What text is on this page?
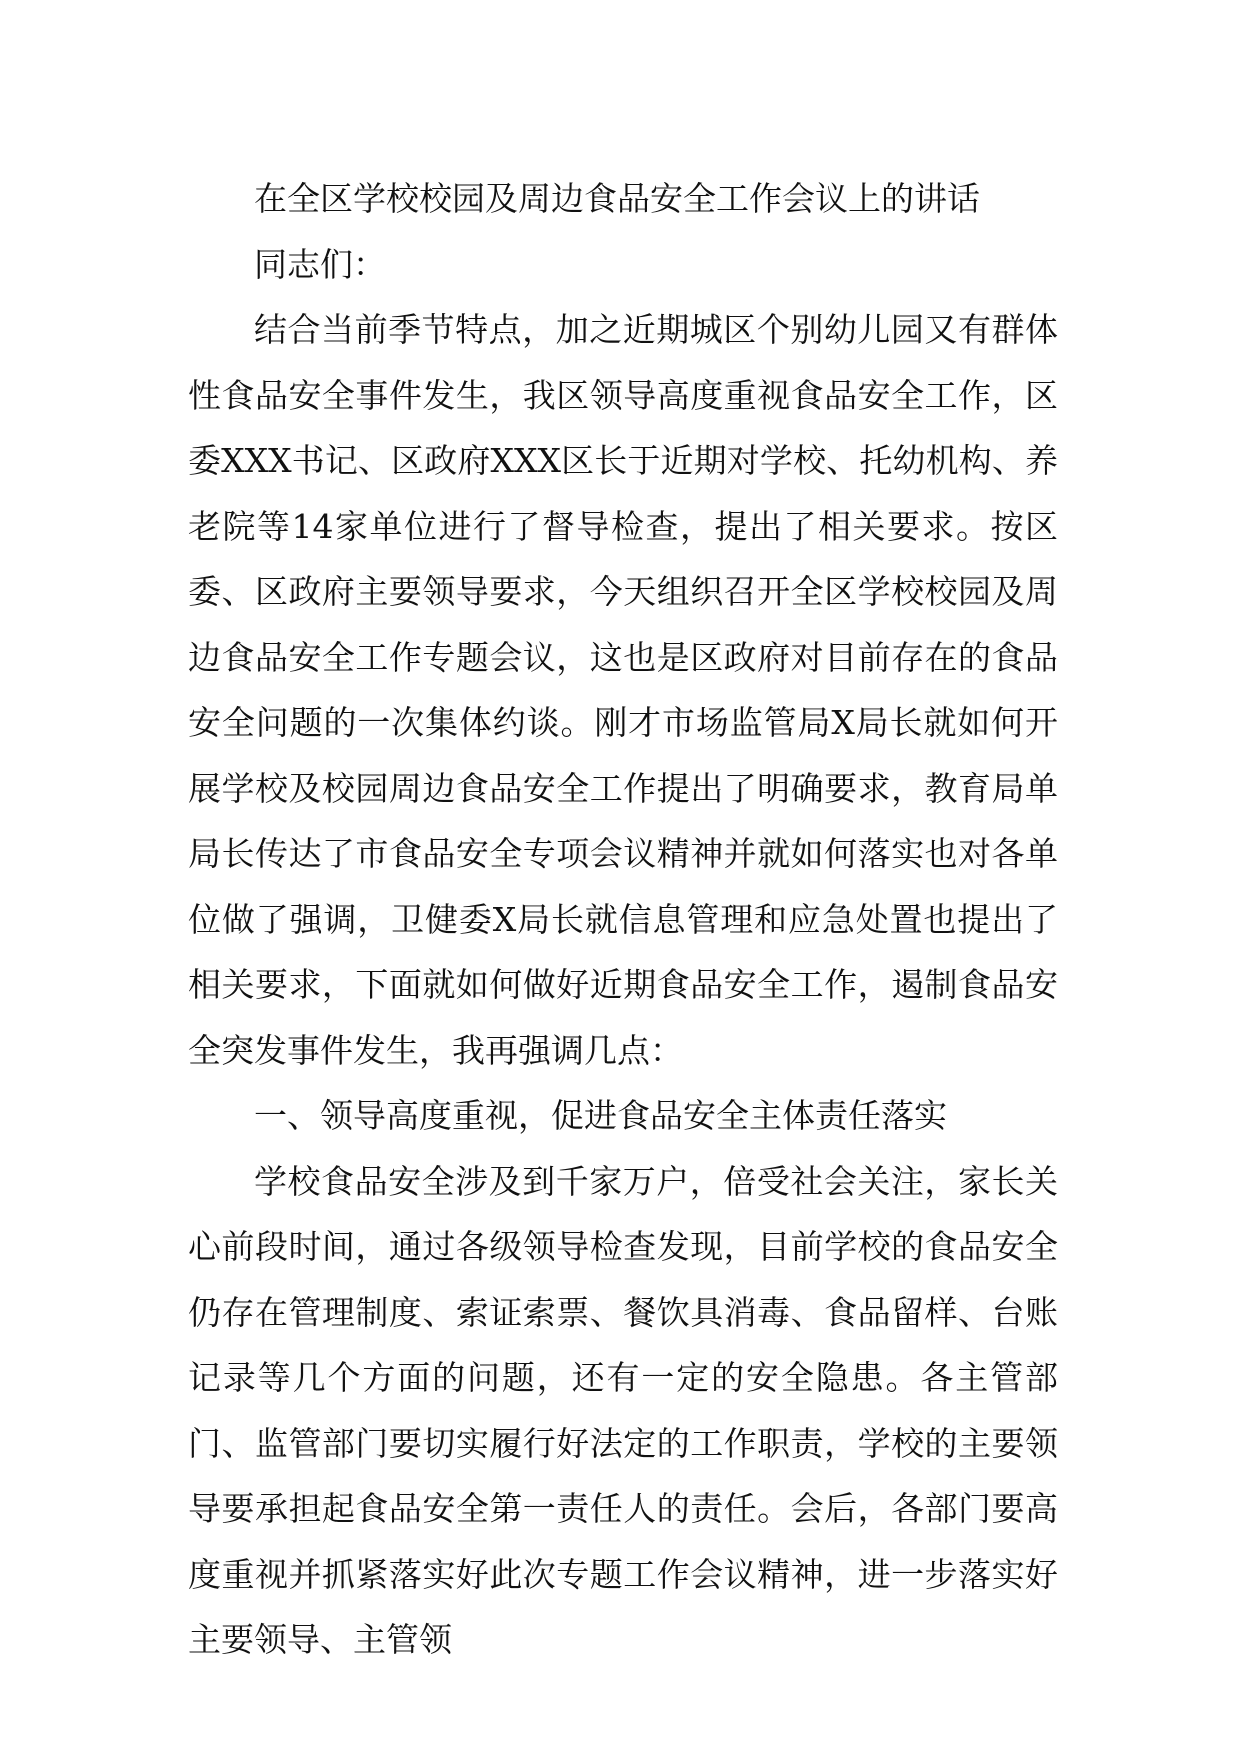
在全区学校校园及周边食品安全工作会议上的讲话

同志们：

结合当前季节特点，加之近期城区个别幼儿园又有群体性食品安全事件发生，我区领导高度重视食品安全工作，区委XXX书记、区政府XXX区长于近期对学校、托幼机构、养老院等14家单位进行了督导检查，提出了相关要求。按区委、区政府主要领导要求，今天组织召开全区学校校园及周边食品安全工作专题会议，这也是区政府对目前存在的食品安全问题的一次集体约谈。刚才市场监管局X局长就如何开展学校及校园周边食品安全工作提出了明确要求，教育局单局长传达了市食品安全专项会议精神并就如何落实也对各单位做了强调，卫健委X局长就信息管理和应急处置也提出了相关要求，下面就如何做好近期食品安全工作，遏制食品安全突发事件发生，我再强调几点：

一、领导高度重视，促进食品安全主体责任落实

学校食品安全涉及到千家万户，倍受社会关注，家长关心前段时间，通过各级领导检查发现，目前学校的食品安全仍存在管理制度、索证索票、餐饮具消毒、食品留样、台账记录等几个方面的问题，还有一定的安全隐患。各主管部门、监管部门要切实履行好法定的工作职责，学校的主要领导要承担起食品安全第一责任人的责任。会后，各部门要高度重视并抓紧落实好此次专题工作会议精神，进一步落实好主要领导、主管领
